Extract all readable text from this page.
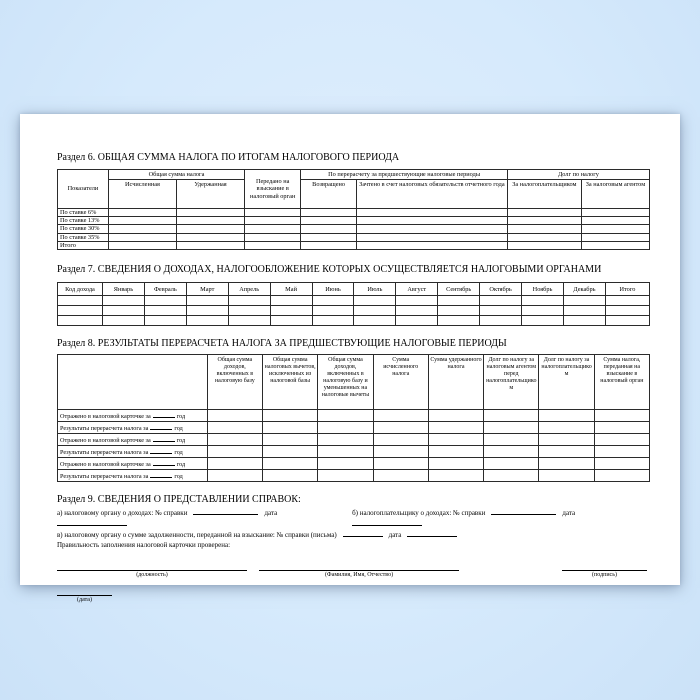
Раздел 6. ОБЩАЯ СУММА НАЛОГА ПО ИТОГАМ НАЛОГОВОГО ПЕРИОДА
Показатели	Общая сумма налога		Передано на взыскание в налоговый орган	По перерасчету за предшествующие налоговые периоды		Долг по налогу	
	Исчисленная	Удержанная		Возвращено	Зачтено в счет налоговых обязательств отчетного года	За налогоплательщиком	За налоговым агентом
По ставке 6%							
По ставке 13%							
По ставке 30%							
По ставке 35%							
Итого							
Раздел 7. СВЕДЕНИЯ О ДОХОДАХ, НАЛОГООБЛОЖЕНИЕ КОТОРЫХ ОСУЩЕСТВЛЯЕТСЯ НАЛОГОВЫМИ ОРГАНАМИ
Код дохода	Январь	Февраль	Март	Апрель	Май	Июнь	Июль	Август	Сентябрь	Октябрь	Ноябрь	Декабрь	Итого

Раздел 8. РЕЗУЛЬТАТЫ ПЕРЕРАСЧЕТА НАЛОГА ЗА ПРЕДШЕСТВУЮЩИЕ НАЛОГОВЫЕ ПЕРИОДЫ
	Общая сумма доходов, включенных в налоговую базу	Общая сумма налоговых вычетов, исключенных из налоговой базы	Общая сумма доходов, включенных в налоговую базу и уменьшенных на налоговые вычеты	Сумма исчисленного налога	Сумма удержанного налога	Долг по налогу за налоговым агентом перед налогоплательщиком	Долг по налогу за налогоплательщиком	Сумма налога, переданная на взыскание в налоговый орган
Отражено в налоговой карточке за год								
Результаты перерасчета налога за год								
Отражено в налоговой карточке за год								
Результаты перерасчета налога за год								
Отражено в налоговой карточке за год								
Результаты перерасчета налога за год								
Раздел 9. СВЕДЕНИЯ О ПРЕДСТАВЛЕНИИ СПРАВОК:
а) налоговому органу о доходах: № справки	дата	б) налогоплательщику о доходах: № справки	дата
в) налоговому органу о сумме задолженности, переданной на взыскание: № справки (письма)	дата
Правильность заполнения налоговой карточки проверена:
(должность)	(Фамилия, Имя, Отчество)	(подпись)
(дата)
